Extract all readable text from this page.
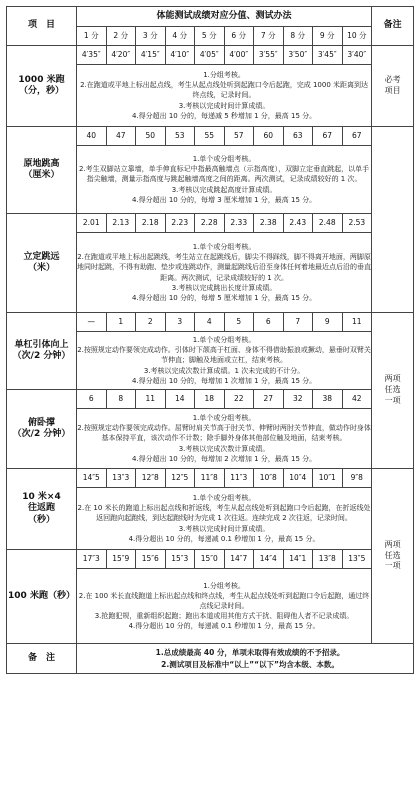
项　目	体能测试成绩对应分值、测试办法										备注
	1 分	2 分	3 分	4 分	5 分	6 分	7 分	8 分	9 分	10 分	
1000 米跑
（分，秒）	4′35″	4′20″	4′15″	4′10″	4′05″	4′00″	3′55″	3′50″	3′45″	3′40″	必考
项目

	1.分组考核。
2.在跑道或平地上标出起点线，考生从起点线处听到起跑口令后起跑，完成 1000 米距离到达终点线，记录时间。
3.考核以完成时间计算成绩。
4.得分超出 10 分的，每递减 5 秒增加 1 分，最高 15 分。										

原地跳高
（厘米）	40	47	50	53	55	57	60	63	67	67	

	1.单个或分组考核。
2.考生双脚站立靠墙，单手伸直标记中指最高触墙点（示指高度），双脚立定垂直跳起，以单手指尖触墙，测量示指高度与跳起触墙高度之间的距离。两次测试，记录成绩较好的 1 次。
3.考核以完成跳起高度计算成绩。
4.得分超出 10 分的，每增 3 厘米增加 1 分，最高 15 分。										

立定跳远
（米）	2.01	2.13	2.18	2.23	2.28	2.33	2.38	2.43	2.48	2.53	

	1.单个或分组考核。
2.在跑道或平地上标出起跳线，考生站立在起跳线后，脚尖不得踩线，脚不得离开地面，两脚原地同时起跳，不得有助跑、垫步或连跳动作，测量起跳线后沿至身体任何着地最近点后沿的垂直距离。两次测试，记录成绩较好的 1 次。
3.考核以完成跳出长度计算成绩。
4.得分超出 10 分的，每增 5 厘米增加 1 分，最高 15 分。										

单杠引体向上
（次/2 分钟）	—	1	2	3	4	5	6	7	9	11	两项
任选
一项

	1.单个或分组考核。
2.按照规定动作要领完成动作。引体时下颌高于杠面、身体不得借助振浪或撅动，悬垂时双臂关节伸直；脚触及地面或立杠，结束考核。
3.考核以完成次数计算成绩。1 次未完成的不计分。
4.得分超出 10 分的，每增加 1 次增加 1 分，最高 15 分。										

俯卧撑
（次/2 分钟）	6	8	11	14	18	22	27	32	38	42	

	1.单个或分组考核。
2.按照规定动作要领完成动作。屈臂时肩关节高于肘关节、伸臂时两肘关节伸直，做动作时身体基本保持平直，该次动作不计数；除手脚外身体其他部位触及地面，结束考核。
3.考核以完成次数计算成绩。
4.得分超出 10 分的，每增加 2 次增加 1 分，最高 15 分。										

10 米×4
往返跑
（秒）	14″5	13″3	12″8	12″5	11″8	11″3	10″8	10″4	10″1	9″8	两项
任选
一项

	1.单个或分组考核。
2.在 10 米长的跑道上标出起点线和折返线，考生从起点线处听到起跑口令后起跑，在折返线处返回跑向起跑线，到达起跑线时为完成 1 次往返。连续完成 2 次往返，记录时间。
3.考核以完成时间计算成绩。
4.得分超出 10 分的，每递减 0.1 秒增加 1 分，最高 15 分。										

100 米跑（秒）	17″3	15″9	15″6	15″3	15″0	14″7	14″4	14″1	13″8	13″5	

	1.分组考核。
2.在 100 米长直线跑道上标出起点线和终点线，考生从起点线处听到起跑口令后起跑，通过终点线记录时间。
3.抢跑犯规，重新组织起跑；跑出本道或用其他方式干扰、阻碍他人者不记录成绩。
4.得分超出 10 分的，每递减 0.1 秒增加 1 分，最高 15 分。										

备　注	1.总成绩最高 40 分，单项未取得有效成绩的不予招录。
2.测试项目及标准中“以上”“以下”均含本级、本数。										
